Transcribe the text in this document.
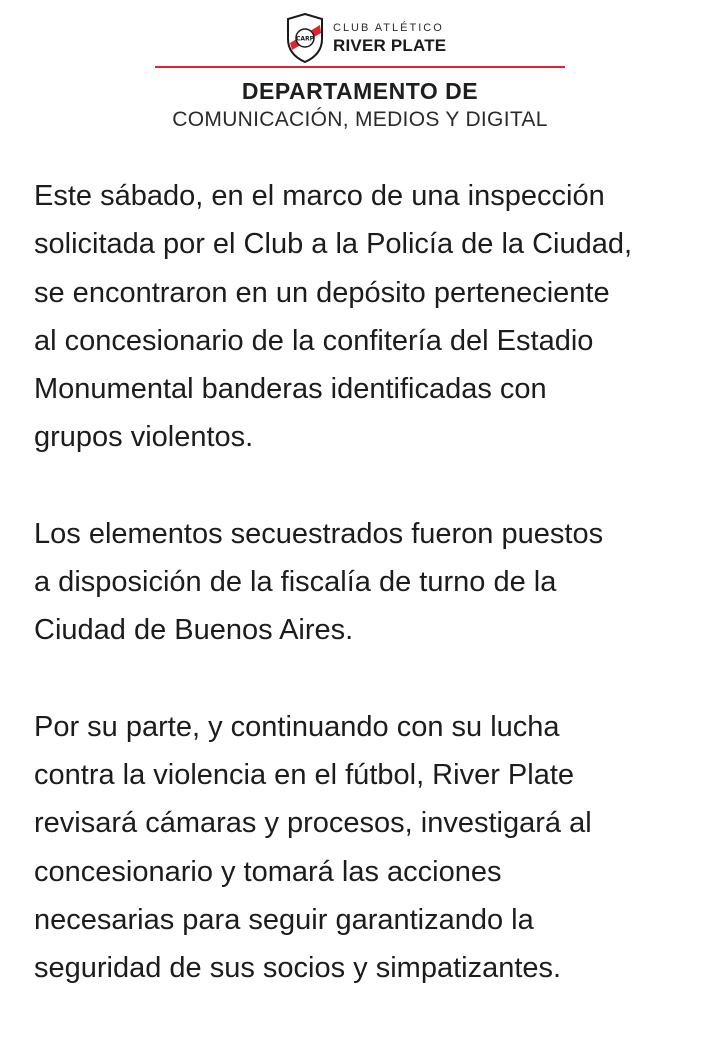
CARP
CLUB ATLÉTICO
RIVER PLATE
DEPARTAMENTO DE
COMUNICACIÓN, MEDIOS Y DIGITAL

Este sábado, en el marco de una inspección
solicitada por el Club a la Policía de la Ciudad,
se encontraron en un depósito perteneciente
al concesionario de la confitería del Estadio
Monumental banderas identificadas con
grupos violentos.

Los elementos secuestrados fueron puestos
a disposición de la fiscalía de turno de la
Ciudad de Buenos Aires.

Por su parte, y continuando con su lucha
contra la violencia en el fútbol, River Plate
revisará cámaras y procesos, investigará al
concesionario y tomará las acciones
necesarias para seguir garantizando la
seguridad de sus socios y simpatizantes.
